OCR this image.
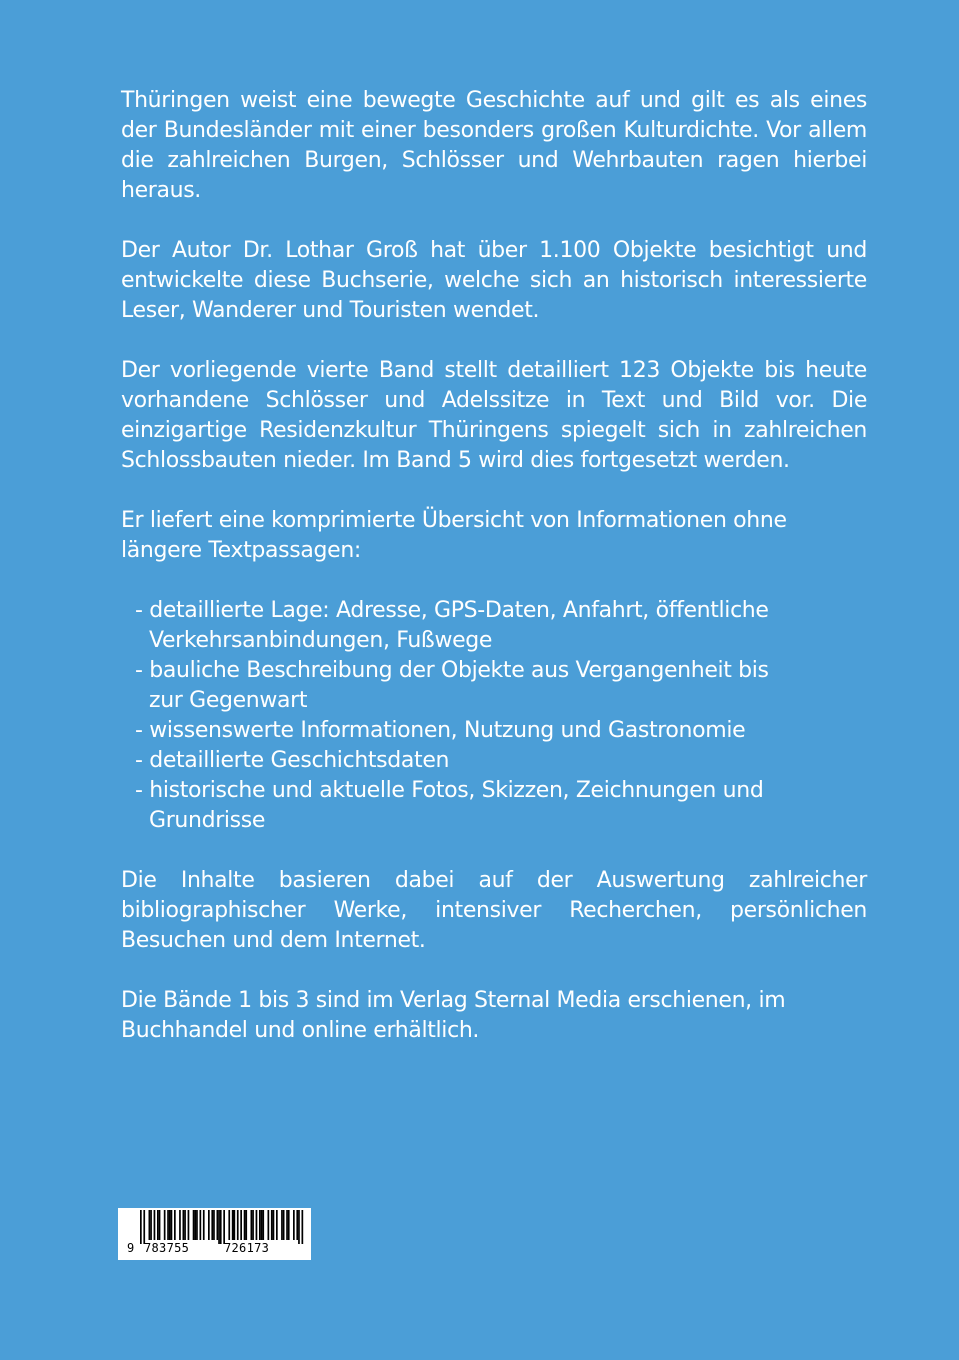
Thüringen weist eine bewegte Geschichte auf und gilt es als eines der Bundesländer mit einer besonders großen Kulturdichte. Vor allem die zahlreichen Burgen, Schlösser und Wehrbauten ragen hierbei heraus.

Der Autor Dr. Lothar Groß hat über 1.100 Objekte besichtigt und entwickelte diese Buchserie, welche sich an historisch interessierte Leser, Wanderer und Touristen wendet.

Der vorliegende vierte Band stellt detailliert 123 Objekte bis heute vorhandene Schlösser und Adelssitze in Text und Bild vor. Die einzigartige Residenzkultur Thüringens spiegelt sich in zahlreichen Schlossbauten nieder. Im Band 5 wird dies fortgesetzt werden.

Er liefert eine komprimierte Übersicht von Informationen ohne längere Textpassagen:

- detaillierte Lage: Adresse, GPS-Daten, Anfahrt, öffentliche Verkehrsanbindungen, Fußwege
- bauliche Beschreibung der Objekte aus Vergangenheit bis zur Gegenwart
- wissenswerte Informationen, Nutzung und Gastronomie
- detaillierte Geschichtsdaten
- historische und aktuelle Fotos, Skizzen, Zeichnungen und Grundrisse

Die Inhalte basieren dabei auf der Auswertung zahlreicher bibliographischer Werke, intensiver Recherchen, persönlichen Besuchen und dem Internet.

Die Bände 1 bis 3 sind im Verlag Sternal Media erschienen, im Buchhandel und online erhältlich.

9 783755	726173
